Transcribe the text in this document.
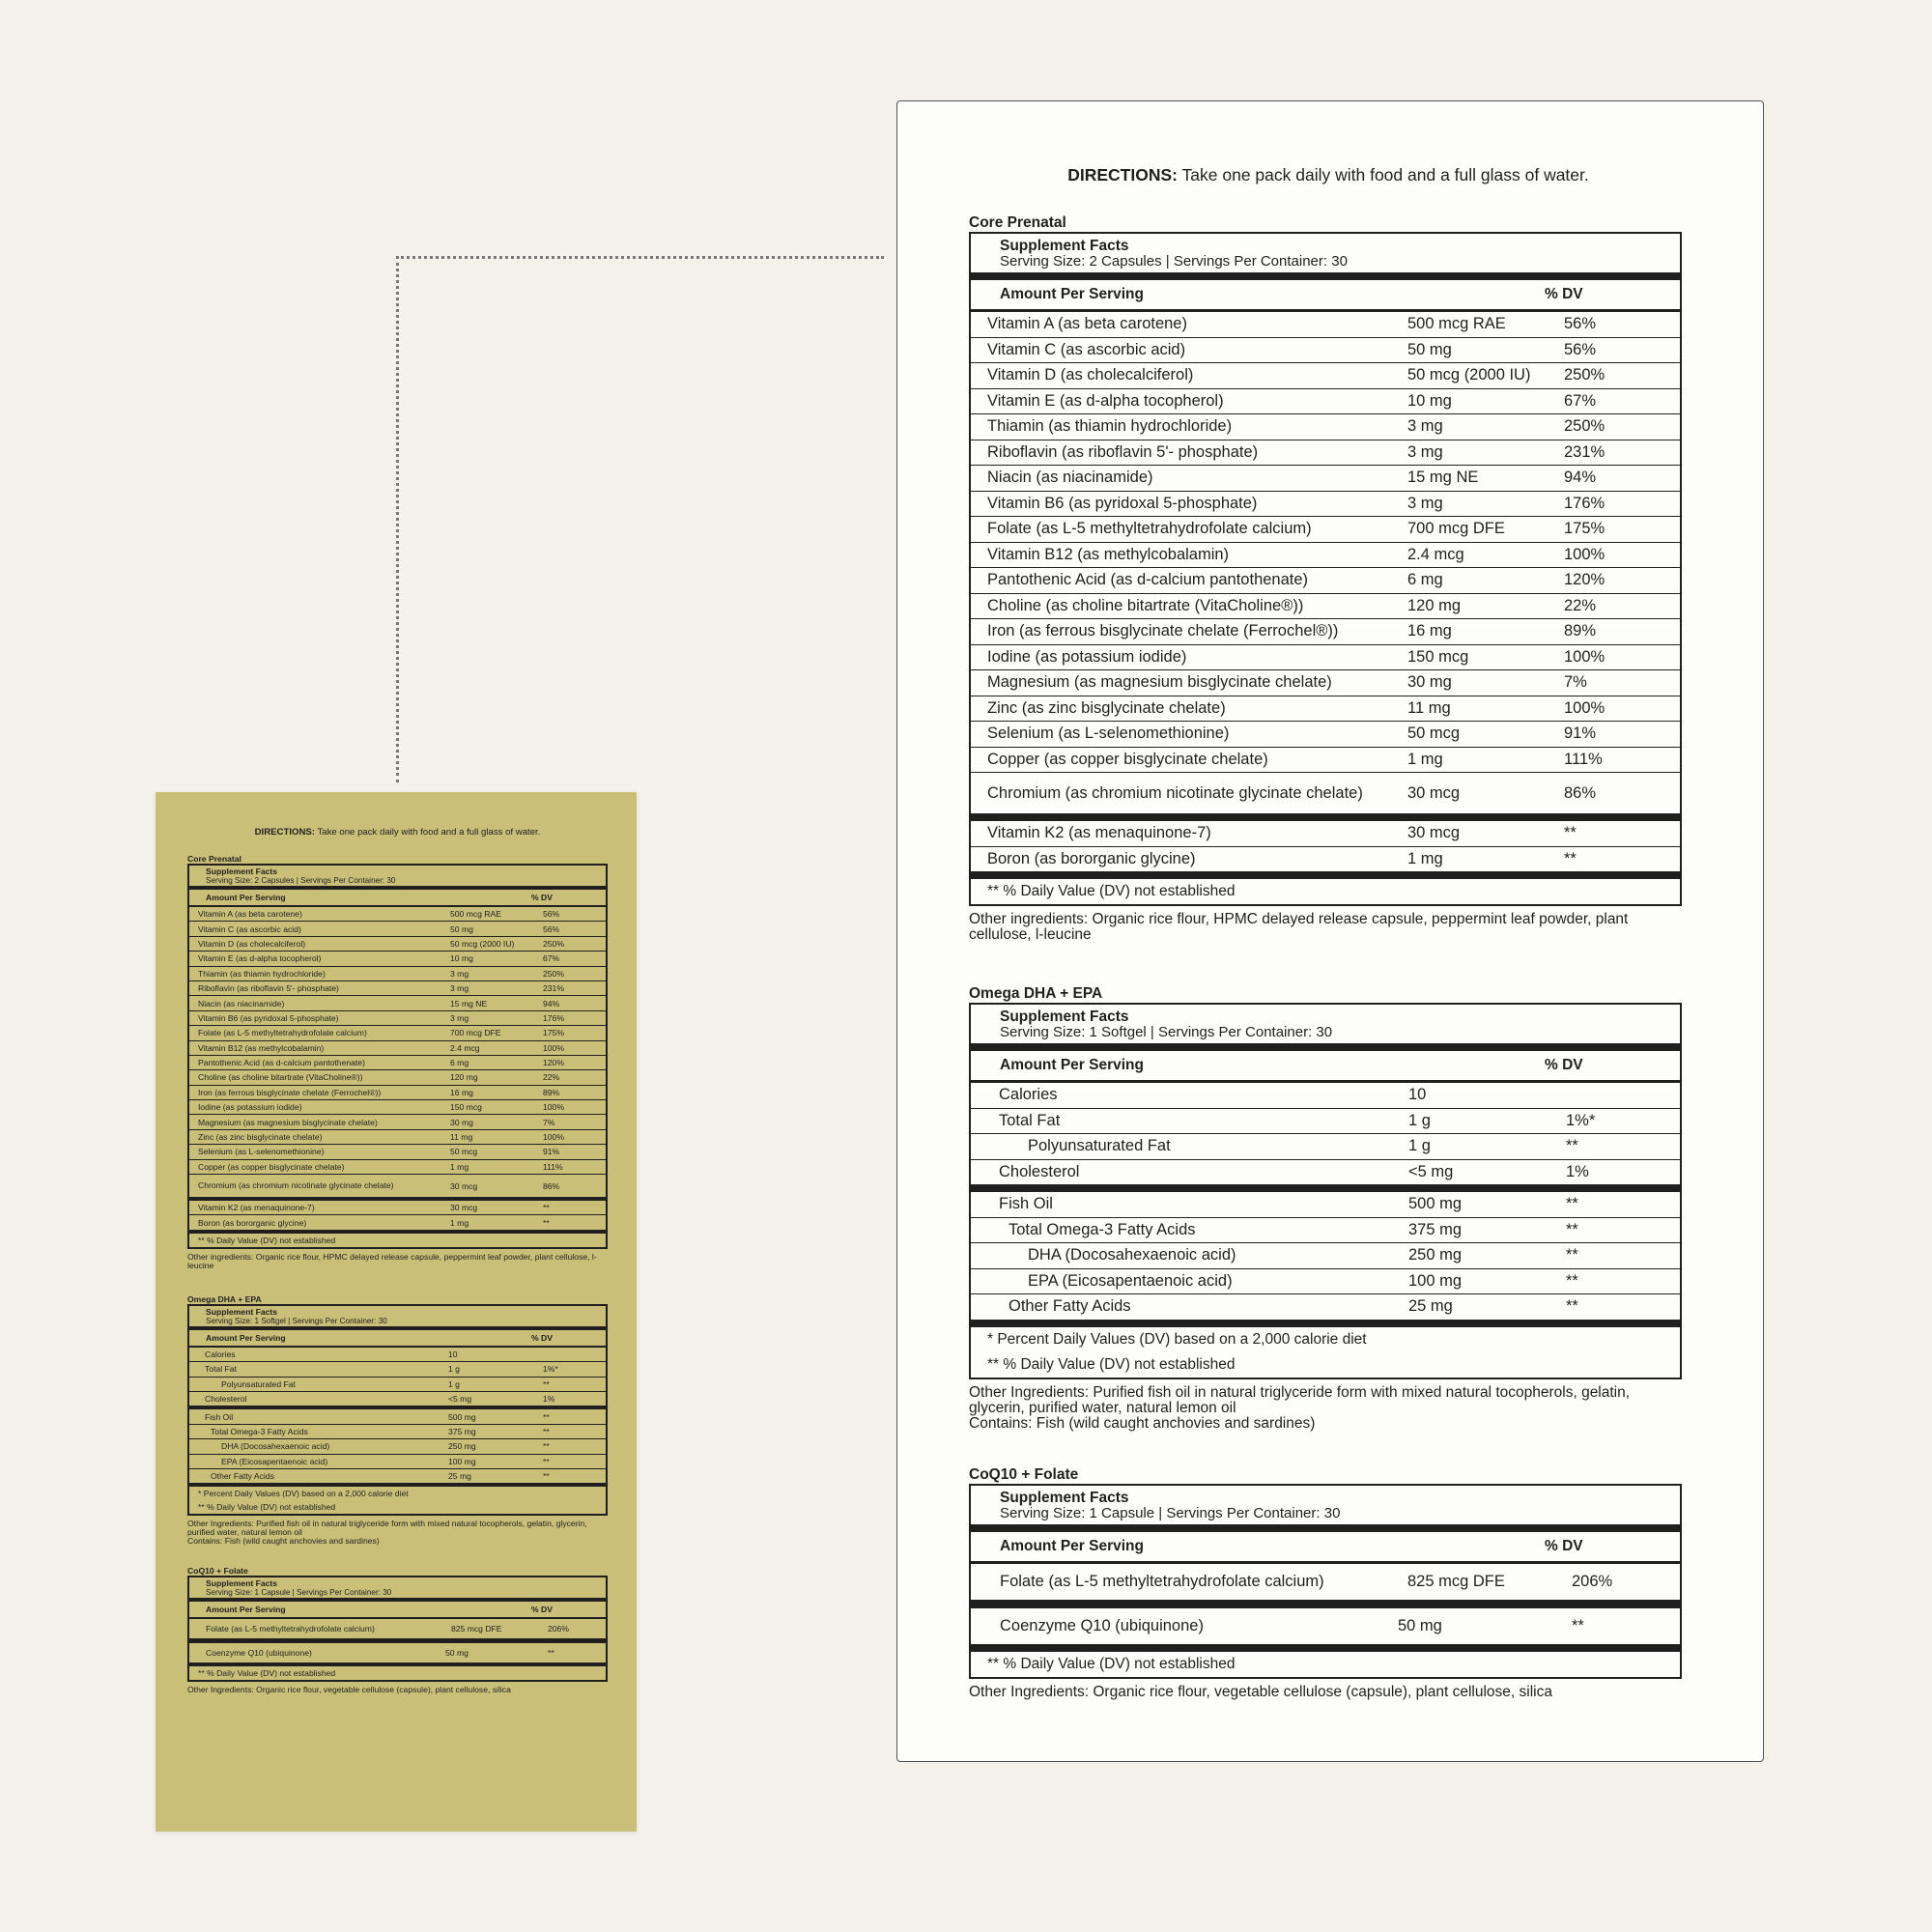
DIRECTIONS: Take one pack daily with food and a full glass of water.
Core Prenatal
Supplement Facts
Serving Size: 2 Capsules | Servings Per Container: 30
Amount Per Serving	% DV
Vitamin A (as beta carotene)	500 mcg RAE	56%
Vitamin C (as ascorbic acid)	50 mg	56%
Vitamin D (as cholecalciferol)	50 mcg (2000 IU)	250%
Vitamin E (as d-alpha tocopherol)	10 mg	67%
Thiamin (as thiamin hydrochloride)	3 mg	250%
Riboflavin (as riboflavin 5'- phosphate)	3 mg	231%
Niacin (as niacinamide)	15 mg NE	94%
Vitamin B6 (as pyridoxal 5-phosphate)	3 mg	176%
Folate (as L-5 methyltetrahydrofolate calcium)	700 mcg DFE	175%
Vitamin B12 (as methylcobalamin)	2.4 mcg	100%
Pantothenic Acid (as d-calcium pantothenate)	6 mg	120%
Choline (as choline bitartrate (VitaCholine®))	120 mg	22%
Iron (as ferrous bisglycinate chelate (Ferrochel®))	16 mg	89%
Iodine (as potassium iodide)	150 mcg	100%
Magnesium (as magnesium bisglycinate chelate)	30 mg	7%
Zinc (as zinc bisglycinate chelate)	11 mg	100%
Selenium (as L-selenomethionine)	50 mcg	91%
Copper (as copper bisglycinate chelate)	1 mg	111%
Chromium (as chromium nicotinate glycinate chelate)	30 mcg	86%
Vitamin K2 (as menaquinone-7)	30 mcg	**
Boron (as bororganic glycine)	1 mg	**
** % Daily Value (DV) not established
Other ingredients: Organic rice flour, HPMC delayed release capsule, peppermint leaf powder, plant cellulose, l-leucine
Omega DHA + EPA
Supplement Facts
Serving Size: 1 Softgel | Servings Per Container: 30
Amount Per Serving	% DV
Calories	10
Total Fat	1 g	1%*
Polyunsaturated Fat	1 g	**
Cholesterol	<5 mg	1%
Fish Oil	500 mg	**
Total Omega-3 Fatty Acids	375 mg	**
DHA (Docosahexaenoic acid)	250 mg	**
EPA (Eicosapentaenoic acid)	100 mg	**
Other Fatty Acids	25 mg	**
* Percent Daily Values (DV) based on a 2,000 calorie diet
** % Daily Value (DV) not established
Other Ingredients: Purified fish oil in natural triglyceride form with mixed natural tocopherols, gelatin, glycerin, purified water, natural lemon oil
Contains: Fish (wild caught anchovies and sardines)
CoQ10 + Folate
Supplement Facts
Serving Size: 1 Capsule | Servings Per Container: 30
Amount Per Serving	% DV
Folate (as L-5 methyltetrahydrofolate calcium)	825 mcg DFE	206%
Coenzyme Q10 (ubiquinone)	50 mg	**
** % Daily Value (DV) not established
Other Ingredients: Organic rice flour, vegetable cellulose (capsule), plant cellulose, silica
DIRECTIONS: Take one pack daily with food and a full glass of water.
Core Prenatal
Supplement Facts
Serving Size: 2 Capsules | Servings Per Container: 30
Amount Per Serving	% DV
Vitamin A (as beta carotene)	500 mcg RAE	56%
Vitamin C (as ascorbic acid)	50 mg	56%
Vitamin D (as cholecalciferol)	50 mcg (2000 IU)	250%
Vitamin E (as d-alpha tocopherol)	10 mg	67%
Thiamin (as thiamin hydrochloride)	3 mg	250%
Riboflavin (as riboflavin 5'- phosphate)	3 mg	231%
Niacin (as niacinamide)	15 mg NE	94%
Vitamin B6 (as pyridoxal 5-phosphate)	3 mg	176%
Folate (as L-5 methyltetrahydrofolate calcium)	700 mcg DFE	175%
Vitamin B12 (as methylcobalamin)	2.4 mcg	100%
Pantothenic Acid (as d-calcium pantothenate)	6 mg	120%
Choline (as choline bitartrate (VitaCholine®))	120 mg	22%
Iron (as ferrous bisglycinate chelate (Ferrochel®))	16 mg	89%
Iodine (as potassium iodide)	150 mcg	100%
Magnesium (as magnesium bisglycinate chelate)	30 mg	7%
Zinc (as zinc bisglycinate chelate)	11 mg	100%
Selenium (as L-selenomethionine)	50 mcg	91%
Copper (as copper bisglycinate chelate)	1 mg	111%
Chromium (as chromium nicotinate glycinate chelate)	30 mcg	86%
Vitamin K2 (as menaquinone-7)	30 mcg	**
Boron (as bororganic glycine)	1 mg	**
** % Daily Value (DV) not established
Other ingredients: Organic rice flour, HPMC delayed release capsule, peppermint leaf powder, plant cellulose, l-leucine
Omega DHA + EPA
Supplement Facts
Serving Size: 1 Softgel | Servings Per Container: 30
Amount Per Serving	% DV
Calories	10
Total Fat	1 g	1%*
Polyunsaturated Fat	1 g	**
Cholesterol	<5 mg	1%
Fish Oil	500 mg	**
Total Omega-3 Fatty Acids	375 mg	**
DHA (Docosahexaenoic acid)	250 mg	**
EPA (Eicosapentaenoic acid)	100 mg	**
Other Fatty Acids	25 mg	**
* Percent Daily Values (DV) based on a 2,000 calorie diet
** % Daily Value (DV) not established
Other Ingredients: Purified fish oil in natural triglyceride form with mixed natural tocopherols, gelatin, glycerin, purified water, natural lemon oil
Contains: Fish (wild caught anchovies and sardines)
CoQ10 + Folate
Supplement Facts
Serving Size: 1 Capsule | Servings Per Container: 30
Amount Per Serving	% DV
Folate (as L-5 methyltetrahydrofolate calcium)	825 mcg DFE	206%
Coenzyme Q10 (ubiquinone)	50 mg	**
** % Daily Value (DV) not established
Other Ingredients: Organic rice flour, vegetable cellulose (capsule), plant cellulose, silica
